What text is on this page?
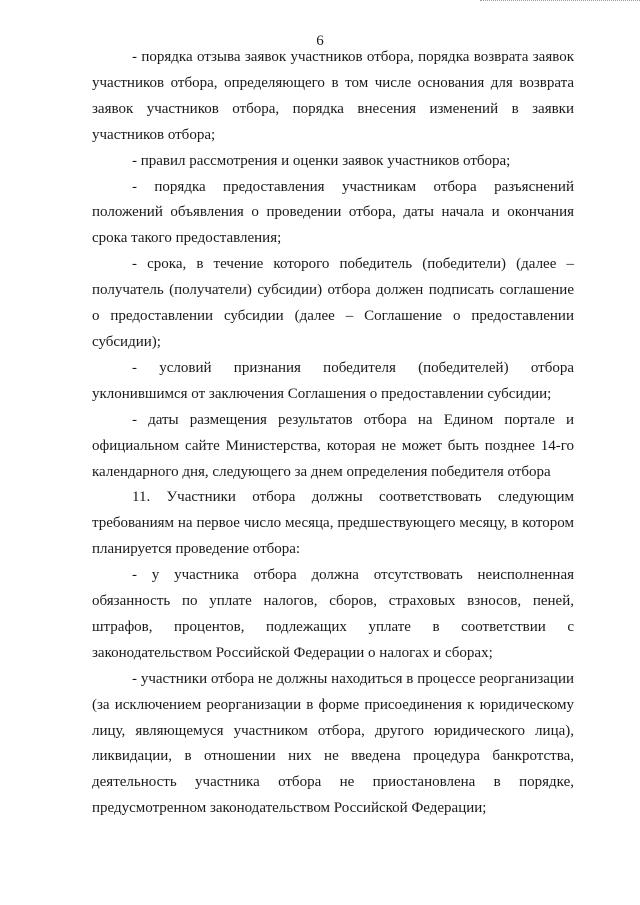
6

- порядка отзыва заявок участников отбора, порядка возврата заявок участников отбора, определяющего в том числе основания для возврата заявок участников отбора, порядка внесения изменений в заявки участников отбора;

- правил рассмотрения и оценки заявок участников отбора;

- порядка предоставления участникам отбора разъяснений положений объявления о проведении отбора, даты начала и окончания срока такого предоставления;

- срока, в течение которого победитель (победители) (далее – получатель (получатели) субсидии) отбора должен подписать соглашение о предоставлении субсидии (далее – Соглашение о предоставлении субсидии);

- условий признания победителя (победителей) отбора уклонившимся от заключения Соглашения о предоставлении субсидии;

- даты размещения результатов отбора на Едином портале и официальном сайте Министерства, которая не может быть позднее 14-го календарного дня, следующего за днем определения победителя отбора

11. Участники отбора должны соответствовать следующим требованиям на первое число месяца, предшествующего месяцу, в котором планируется проведение отбора:

- у участника отбора должна отсутствовать неисполненная обязанность по уплате налогов, сборов, страховых взносов, пеней, штрафов, процентов, подлежащих уплате в соответствии с законодательством Российской Федерации о налогах и сборах;

- участники отбора не должны находиться в процессе реорганизации (за исключением реорганизации в форме присоединения к юридическому лицу, являющемуся участником отбора, другого юридического лица), ликвидации, в отношении них не введена процедура банкротства, деятельность участника отбора не приостановлена в порядке, предусмотренном законодательством Российской Федерации;
